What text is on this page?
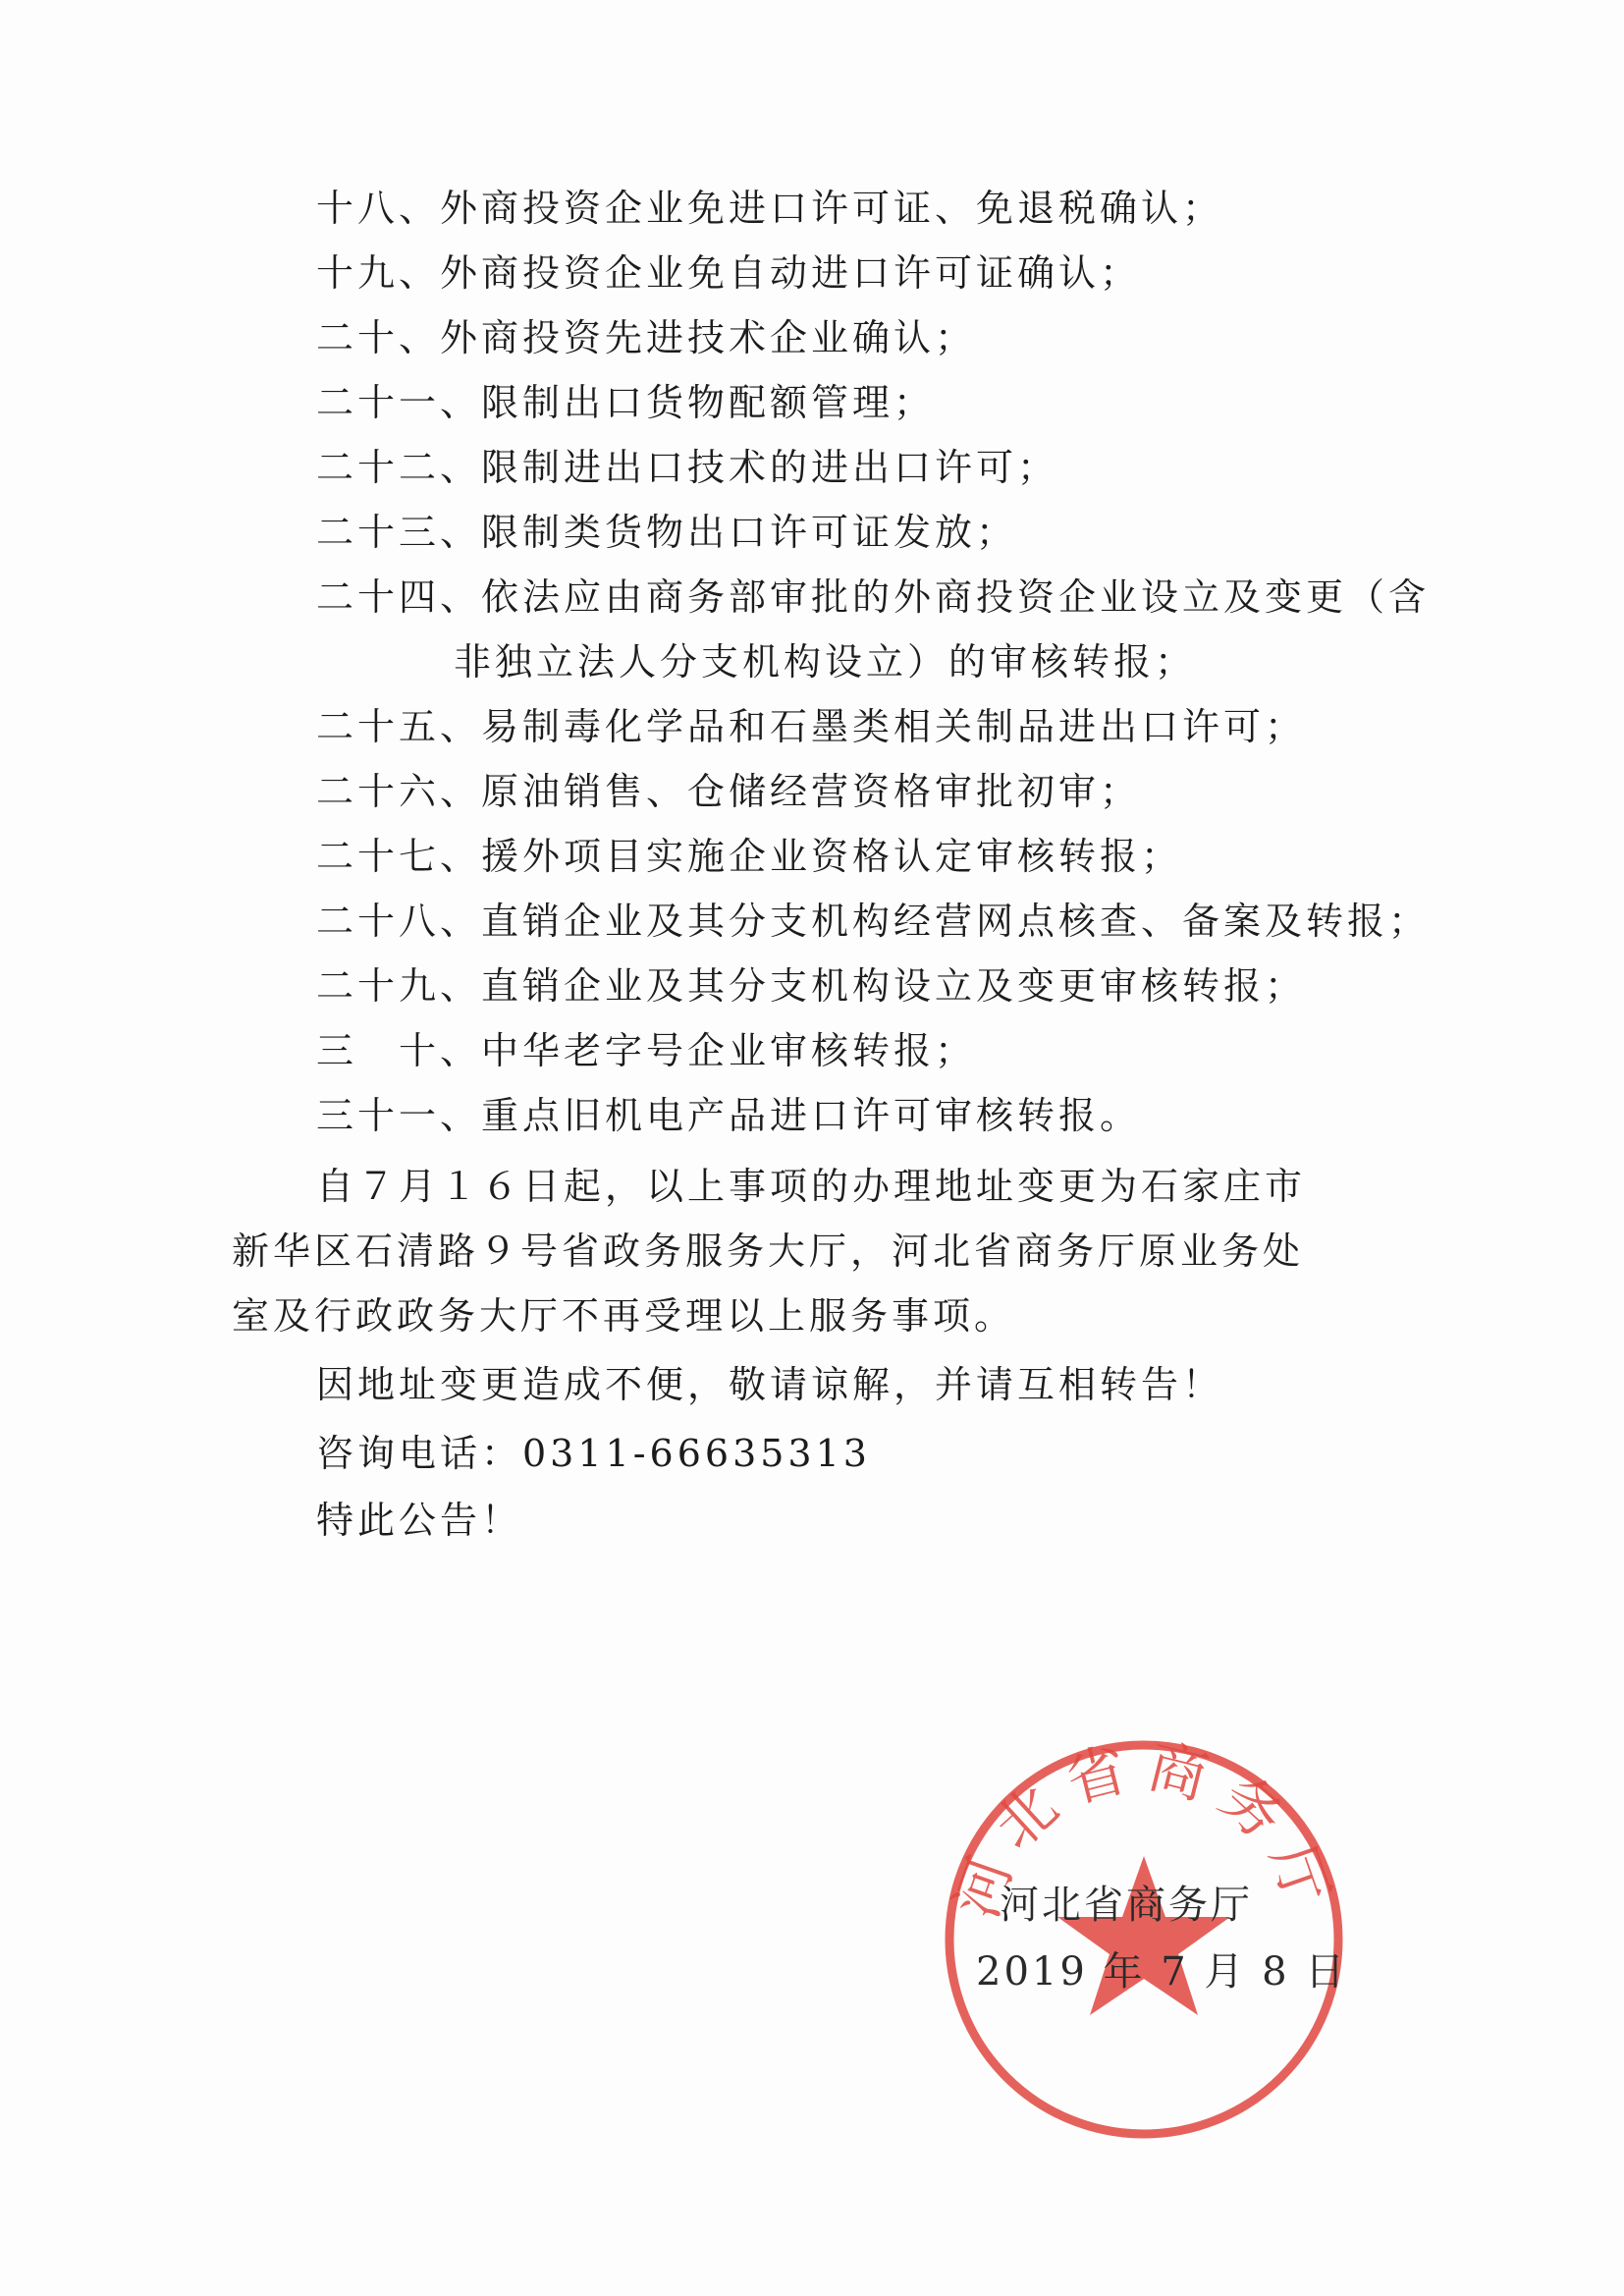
十八、外商投资企业免进口许可证、免退税确认；
十九、外商投资企业免自动进口许可证确认；
二十、外商投资先进技术企业确认；
二十一、限制出口货物配额管理；
二十二、限制进出口技术的进出口许可；
二十三、限制类货物出口许可证发放；
二十四、依法应由商务部审批的外商投资企业设立及变更（含
非独立法人分支机构设立）的审核转报；
二十五、易制毒化学品和石墨类相关制品进出口许可；
二十六、原油销售、仓储经营资格审批初审；
二十七、援外项目实施企业资格认定审核转报；
二十八、直销企业及其分支机构经营网点核查、备案及转报；
二十九、直销企业及其分支机构设立及变更审核转报；
三　十、中华老字号企业审核转报；
三十一、重点旧机电产品进口许可审核转报。
自７月１６日起，以上事项的办理地址变更为石家庄市
新华区石清路９号省政务服务大厅，河北省商务厅原业务处
室及行政政务大厅不再受理以上服务事项。
因地址变更造成不便，敬请谅解，并请互相转告！
咨询电话：0311-66635313
特此公告！
河北省商务厅
河北省商务厅
2019 年 7 月 8 日
